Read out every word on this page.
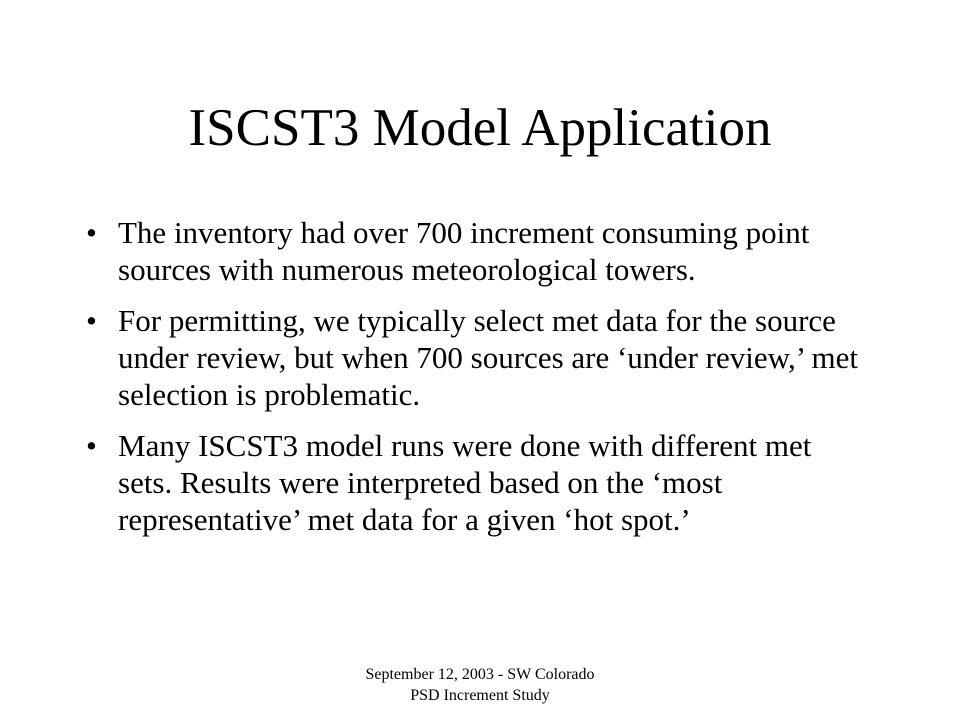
ISCST3 Model Application
• The inventory had over 700 increment consuming point sources with numerous meteorological towers.
• For permitting, we typically select met data for the source under review, but when 700 sources are ‘under review,’ met selection is problematic.
• Many ISCST3 model runs were done with different met sets. Results were interpreted based on the ‘most representative’ met data for a given ‘hot spot.’
September 12, 2003 - SW Colorado
PSD Increment Study
